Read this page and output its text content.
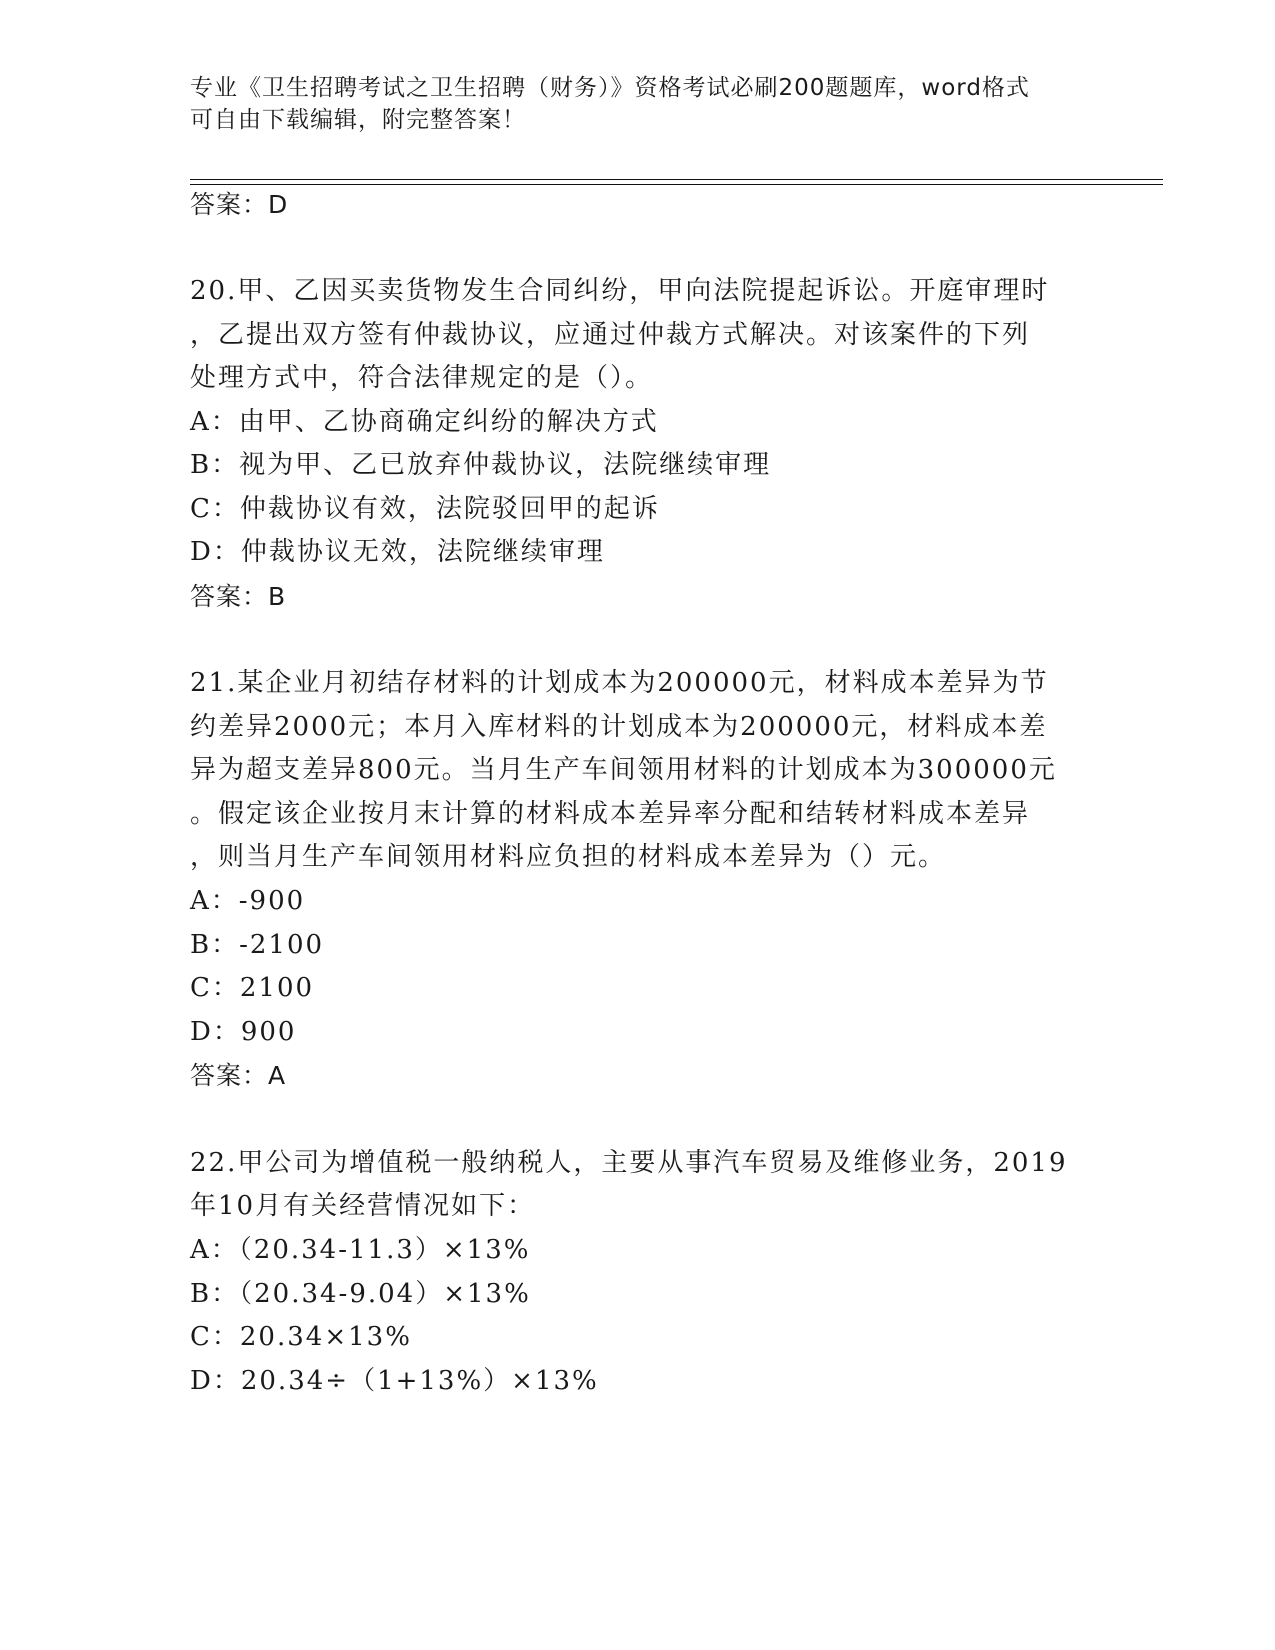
专业《卫生招聘考试之卫生招聘（财务）》资格考试必刷200题题库，word格式
可自由下载编辑，附完整答案！
答案：D
20.甲、乙因买卖货物发生合同纠纷，甲向法院提起诉讼。开庭审理时
，乙提出双方签有仲裁协议，应通过仲裁方式解决。对该案件的下列
处理方式中，符合法律规定的是（）。
A：由甲、乙协商确定纠纷的解决方式
B：视为甲、乙已放弃仲裁协议，法院继续审理
C：仲裁协议有效，法院驳回甲的起诉
D：仲裁协议无效，法院继续审理
答案：B
21.某企业月初结存材料的计划成本为200000元，材料成本差异为节
约差异2000元；本月入库材料的计划成本为200000元，材料成本差
异为超支差异800元。当月生产车间领用材料的计划成本为300000元
。假定该企业按月末计算的材料成本差异率分配和结转材料成本差异
，则当月生产车间领用材料应负担的材料成本差异为（）元。
A：-900
B：-2100
C：2100
D：900
答案：A
22.甲公司为增值税一般纳税人，主要从事汽车贸易及维修业务，2019
年10月有关经营情况如下：
A：（20.34-11.3）×13%
B：（20.34-9.04）×13%
C：20.34×13%
D：20.34÷（1+13%）×13%
